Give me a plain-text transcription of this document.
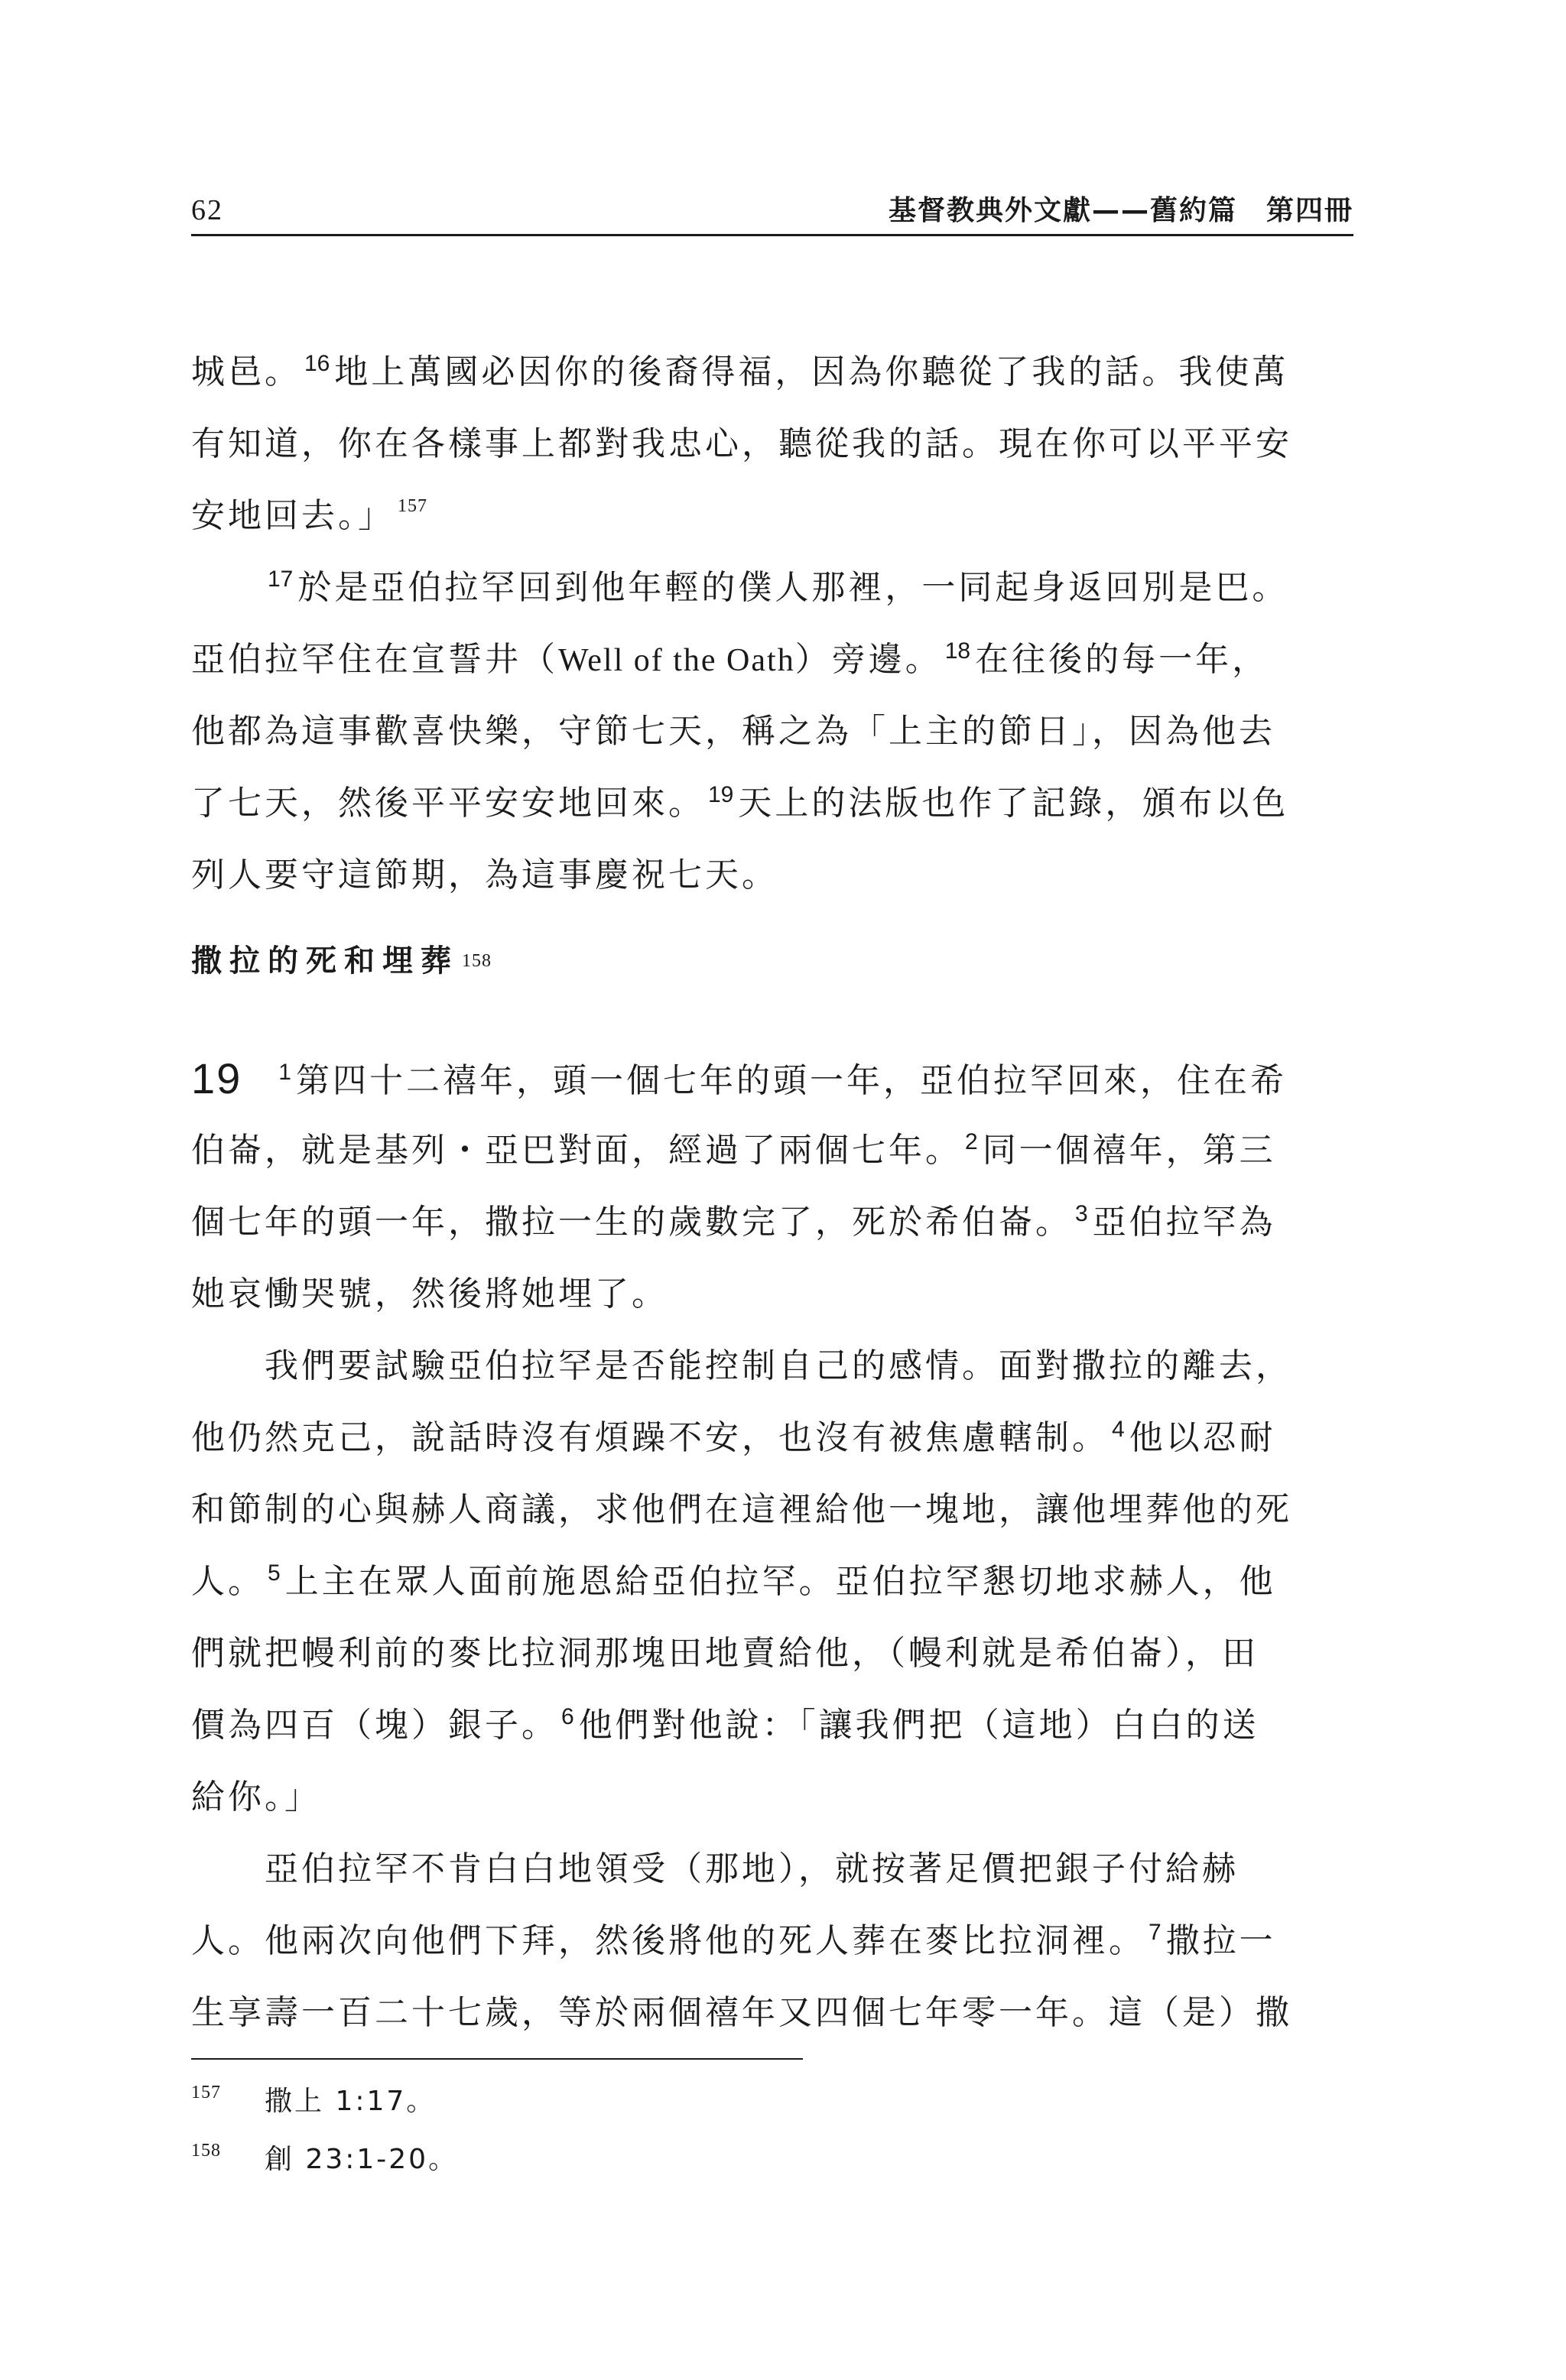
62	基督教典外文獻——舊約篇　第四冊

城邑。 $^{16}$ 地上萬國必因你的後裔得福，因為你聽從了我的話。我使萬
有知道，你在各樣事上都對我忠心，聽從我的話。現在你可以平平安
安地回去。」 $^{157}$

$^{17}$ 於是亞伯拉罕回到他年輕的僕人那裡，一同起身返回別是巴。
亞伯拉罕住在宣誓井（Well of the Oath）旁邊。 $^{18}$ 在往後的每一年，
他都為這事歡喜快樂，守節七天，稱之為「上主的節日」，因為他去
了七天，然後平平安安地回來。 $^{19}$ 天上的法版也作了記錄，頒布以色
列人要守這節期，為這事慶祝七天。

撒拉的死和埋葬 $^{158}$

19 $^1$ 第四十二禧年，頭一個七年的頭一年，亞伯拉罕回來，住在希
伯崙，就是基列・亞巴對面，經過了兩個七年。 $^2$ 同一個禧年，第三
個七年的頭一年，撒拉一生的歲數完了，死於希伯崙。 $^3$ 亞伯拉罕為
她哀慟哭號，然後將她埋了。

我們要試驗亞伯拉罕是否能控制自己的感情。面對撒拉的離去，
他仍然克己，說話時沒有煩躁不安，也沒有被焦慮轄制。 $^4$ 他以忍耐
和節制的心與赫人商議，求他們在這裡給他一塊地，讓他埋葬他的死
人。 $^5$ 上主在眾人面前施恩給亞伯拉罕。亞伯拉罕懇切地求赫人，他
們就把幔利前的麥比拉洞那塊田地賣給他，（幔利就是希伯崙），田
價為四百（塊）銀子。 $^6$ 他們對他說：「讓我們把（這地）白白的送
給你。」

亞伯拉罕不肯白白地領受（那地），就按著足價把銀子付給赫
人。他兩次向他們下拜，然後將他的死人葬在麥比拉洞裡。 $^7$ 撒拉一
生享壽一百二十七歲，等於兩個禧年又四個七年零一年。這（是）撒

157 撒上 1:17。
158 創 23:1-20。
